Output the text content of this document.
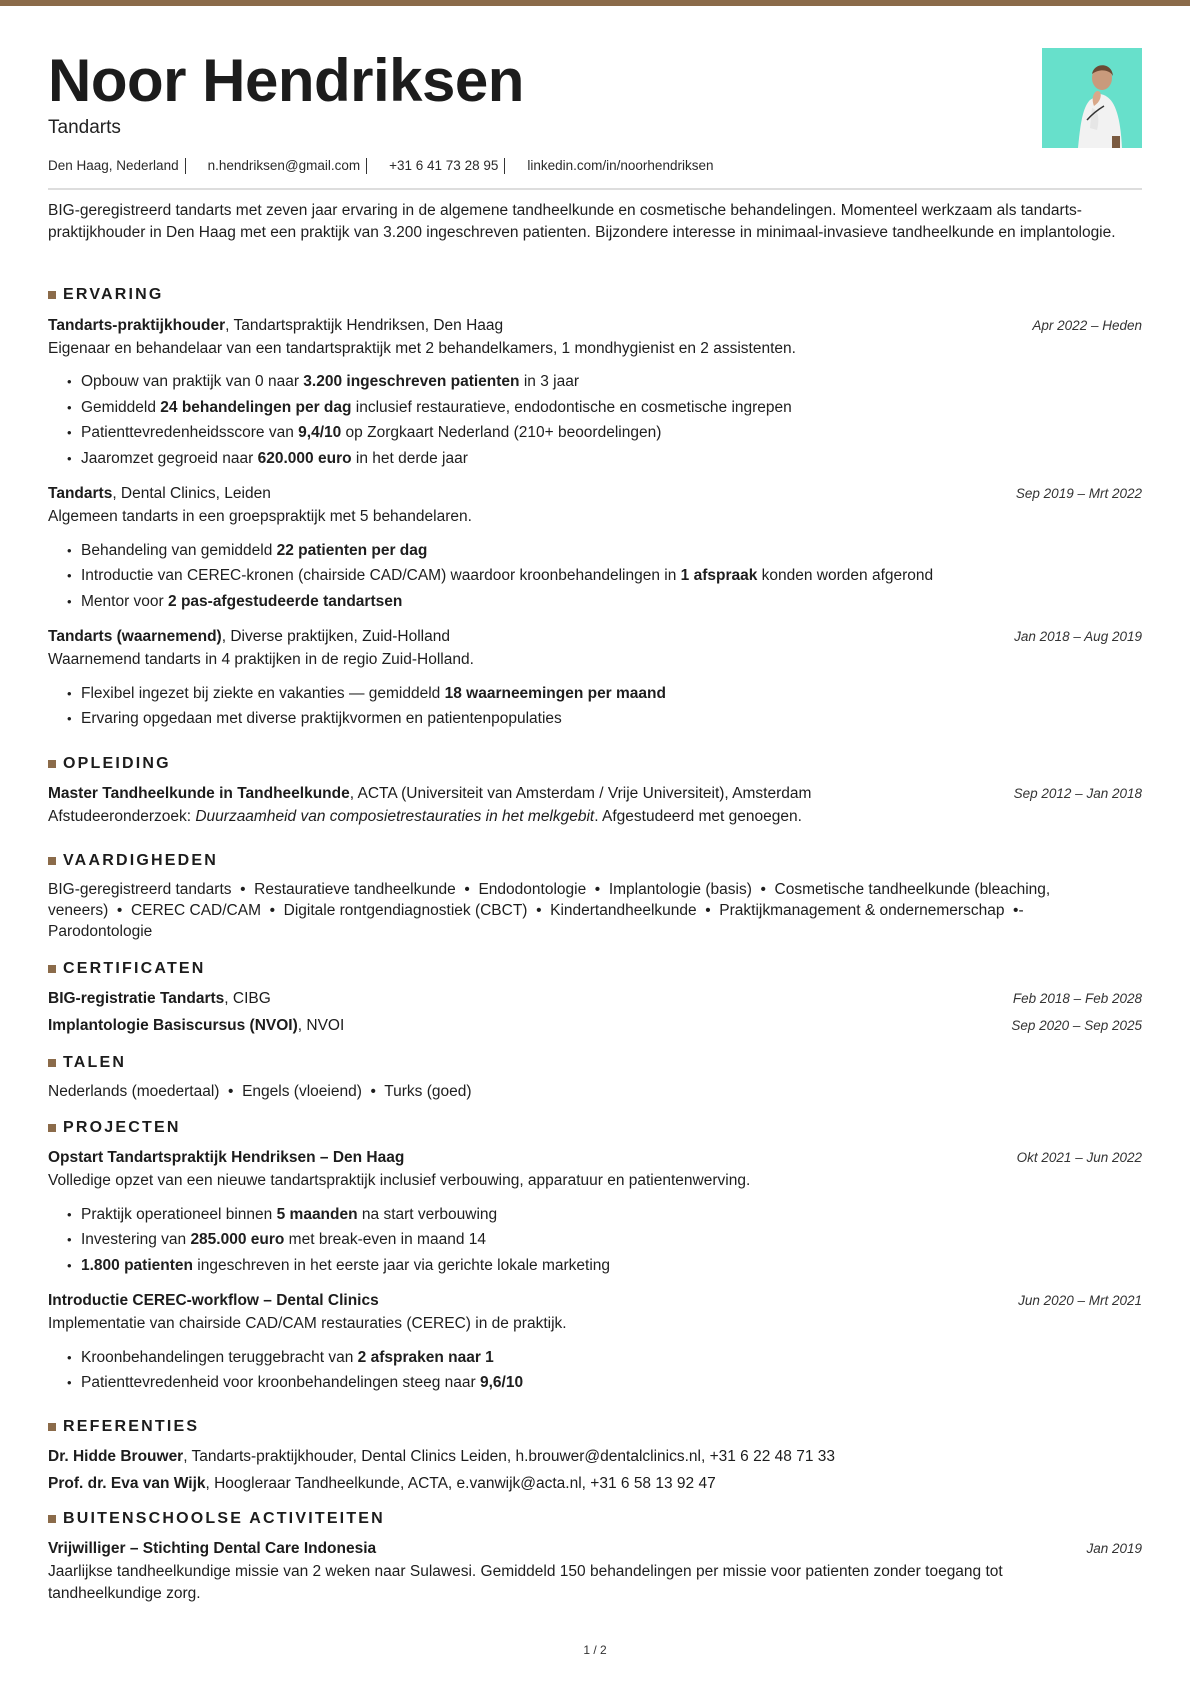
Noor Hendriksen
Tandarts
Den Haag, Nederland n.hendriksen@gmail.com +31 6 41 73 28 95 linkedin.com/in/noorhendriksen
BIG-geregistreerd tandarts met zeven jaar ervaring in de algemene tandheelkunde en cosmetische behandelingen. Momenteel werkzaam als tandarts-praktijkhouder in Den Haag met een praktijk van 3.200 ingeschreven patienten. Bijzondere interesse in minimaal-invasieve tandheelkunde en implantologie.
ERVARING
Tandarts-praktijkhouder, Tandartspraktijk Hendriksen, Den Haag	Apr 2022 – Heden
Eigenaar en behandelaar van een tandartspraktijk met 2 behandelkamers, 1 mondhygienist en 2 assistenten.
• Opbouw van praktijk van 0 naar 3.200 ingeschreven patienten in 3 jaar
• Gemiddeld 24 behandelingen per dag inclusief restauratieve, endodontische en cosmetische ingrepen
• Patienttevredenheidsscore van 9,4/10 op Zorgkaart Nederland (210+ beoordelingen)
• Jaaromzet gegroeid naar 620.000 euro in het derde jaar
Tandarts, Dental Clinics, Leiden	Sep 2019 – Mrt 2022
Algemeen tandarts in een groepspraktijk met 5 behandelaren.
• Behandeling van gemiddeld 22 patienten per dag
• Introductie van CEREC-kronen (chairside CAD/CAM) waardoor kroonbehandelingen in 1 afspraak konden worden afgerond
• Mentor voor 2 pas-afgestudeerde tandartsen
Tandarts (waarnemend), Diverse praktijken, Zuid-Holland	Jan 2018 – Aug 2019
Waarnemend tandarts in 4 praktijken in de regio Zuid-Holland.
• Flexibel ingezet bij ziekte en vakanties — gemiddeld 18 waarneemingen per maand
• Ervaring opgedaan met diverse praktijkvormen en patientenpopulaties
OPLEIDING
Master Tandheelkunde in Tandheelkunde, ACTA (Universiteit van Amsterdam / Vrije Universiteit), Amsterdam	Sep 2012 – Jan 2018
Afstudeeronderzoek: Duurzaamheid van composietrestauraties in het melkgebit. Afgestudeerd met genoegen.
VAARDIGHEDEN
BIG-geregistreerd tandarts  •  Restauratieve tandheelkunde  •  Endodontologie  •  Implantologie (basis)  •  Cosmetische tandheelkunde (bleaching,
veneers)  •  CEREC CAD/CAM  •  Digitale rontgendiagnostiek (CBCT)  •  Kindertandheelkunde  •  Praktijkmanagement & ondernemerschap  •-
Parodontologie
CERTIFICATEN
BIG-registratie Tandarts, CIBG	Feb 2018 – Feb 2028
Implantologie Basiscursus (NVOI), NVOI	Sep 2020 – Sep 2025
TALEN
Nederlands (moedertaal)  •  Engels (vloeiend)  •  Turks (goed)
PROJECTEN
Opstart Tandartspraktijk Hendriksen – Den Haag	Okt 2021 – Jun 2022
Volledige opzet van een nieuwe tandartspraktijk inclusief verbouwing, apparatuur en patientenwerving.
• Praktijk operationeel binnen 5 maanden na start verbouwing
• Investering van 285.000 euro met break-even in maand 14
• 1.800 patienten ingeschreven in het eerste jaar via gerichte lokale marketing
Introductie CEREC-workflow – Dental Clinics	Jun 2020 – Mrt 2021
Implementatie van chairside CAD/CAM restauraties (CEREC) in de praktijk.
• Kroonbehandelingen teruggebracht van 2 afspraken naar 1
• Patienttevredenheid voor kroonbehandelingen steeg naar 9,6/10
REFERENTIES
Dr. Hidde Brouwer, Tandarts-praktijkhouder, Dental Clinics Leiden, h.brouwer@dentalclinics.nl, +31 6 22 48 71 33
Prof. dr. Eva van Wijk, Hoogleraar Tandheelkunde, ACTA, e.vanwijk@acta.nl, +31 6 58 13 92 47
BUITENSCHOOLSE ACTIVITEITEN
Vrijwilliger – Stichting Dental Care Indonesia	Jan 2019
Jaarlijkse tandheelkundige missie van 2 weken naar Sulawesi. Gemiddeld 150 behandelingen per missie voor patienten zonder toegang tot
tandheelkundige zorg.
1 / 2
